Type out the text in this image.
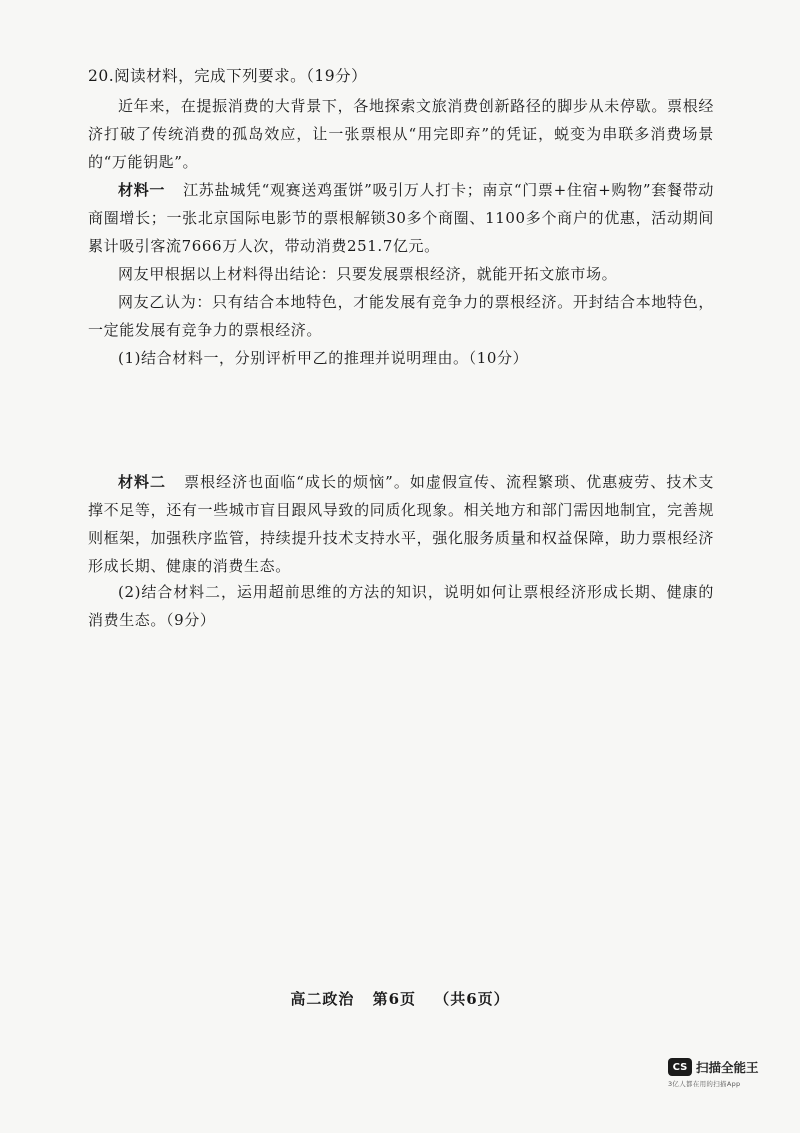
20.阅读材料，完成下列要求。（19分）
近年来，在提振消费的大背景下，各地探索文旅消费创新路径的脚步从未停歇。票根经济打破了传统消费的孤岛效应，让一张票根从“用完即弃”的凭证，蜕变为串联多消费场景的“万能钥匙”。
材料一 江苏盐城凭“观赛送鸡蛋饼”吸引万人打卡；南京“门票+住宿+购物”套餐带动商圈增长；一张北京国际电影节的票根解锁30多个商圈、1100多个商户的优惠，活动期间累计吸引客流7666万人次，带动消费251.7亿元。
网友甲根据以上材料得出结论：只要发展票根经济，就能开拓文旅市场。
网友乙认为：只有结合本地特色，才能发展有竞争力的票根经济。开封结合本地特色，一定能发展有竞争力的票根经济。
(1)结合材料一，分别评析甲乙的推理并说明理由。（10分）
材料二 票根经济也面临“成长的烦恼”。如虚假宣传、流程繁琐、优惠疲劳、技术支撑不足等，还有一些城市盲目跟风导致的同质化现象。相关地方和部门需因地制宜，完善规则框架，加强秩序监管，持续提升技术支持水平，强化服务质量和权益保障，助力票根经济形成长期、健康的消费生态。
(2)结合材料二，运用超前思维的方法的知识，说明如何让票根经济形成长期、健康的消费生态。（9分）
高二政治 第6页 （共6页）
CS 扫描全能王
3亿人都在用的扫描App
